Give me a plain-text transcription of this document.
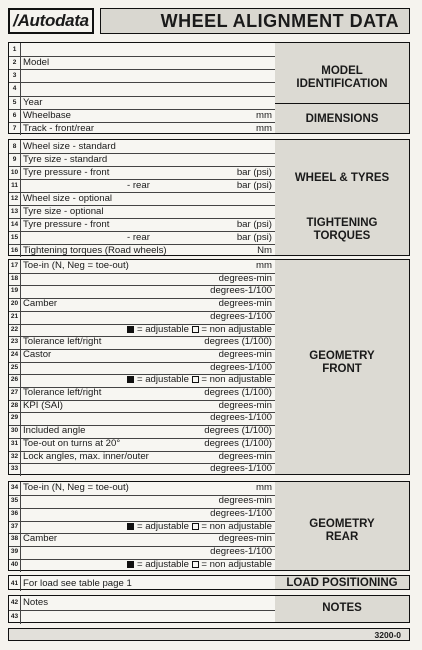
/Autodata	WHEEL ALIGNMENT DATA
1
2 Model
3
4
5 Year
6 Wheelbase	mm
7 Track - front/rear	mm
MODEL
IDENTIFICATION
DIMENSIONS
8 Wheel size - standard
9 Tyre size - standard
10 Tyre pressure - front	bar (psi)
11	- rear	bar (psi)
12 Wheel size - optional
13 Tyre size - optional
14 Tyre pressure - front	bar (psi)
15	- rear	bar (psi)
16 Tightening torques (Road wheels)	Nm
WHEEL & TYRES
TIGHTENING
TORQUES
17 Toe-in (N, Neg = toe-out)	mm
18	degrees-min
19	degrees-1/100
20 Camber	degrees-min
21	degrees-1/100
22	= adjustable = non adjustable
23 Tolerance left/right	degrees (1/100)
24 Castor	degrees-min
25	degrees-1/100
26	= adjustable = non adjustable
27 Tolerance left/right	degrees (1/100)
28 KPI (SAI)	degrees-min
29	degrees-1/100
30 Included angle	degrees (1/100)
31 Toe-out on turns at 20°	degrees (1/100)
32 Lock angles, max. inner/outer	degrees-min
33	degrees-1/100
GEOMETRY
FRONT
34 Toe-in (N, Neg = toe-out)	mm
35	degrees-min
36	degrees-1/100
37	= adjustable = non adjustable
38 Camber	degrees-min
39	degrees-1/100
40	= adjustable = non adjustable
GEOMETRY
REAR
41 For load see table page 1	LOAD POSITIONING
42 Notes
43
NOTES
3200-0
